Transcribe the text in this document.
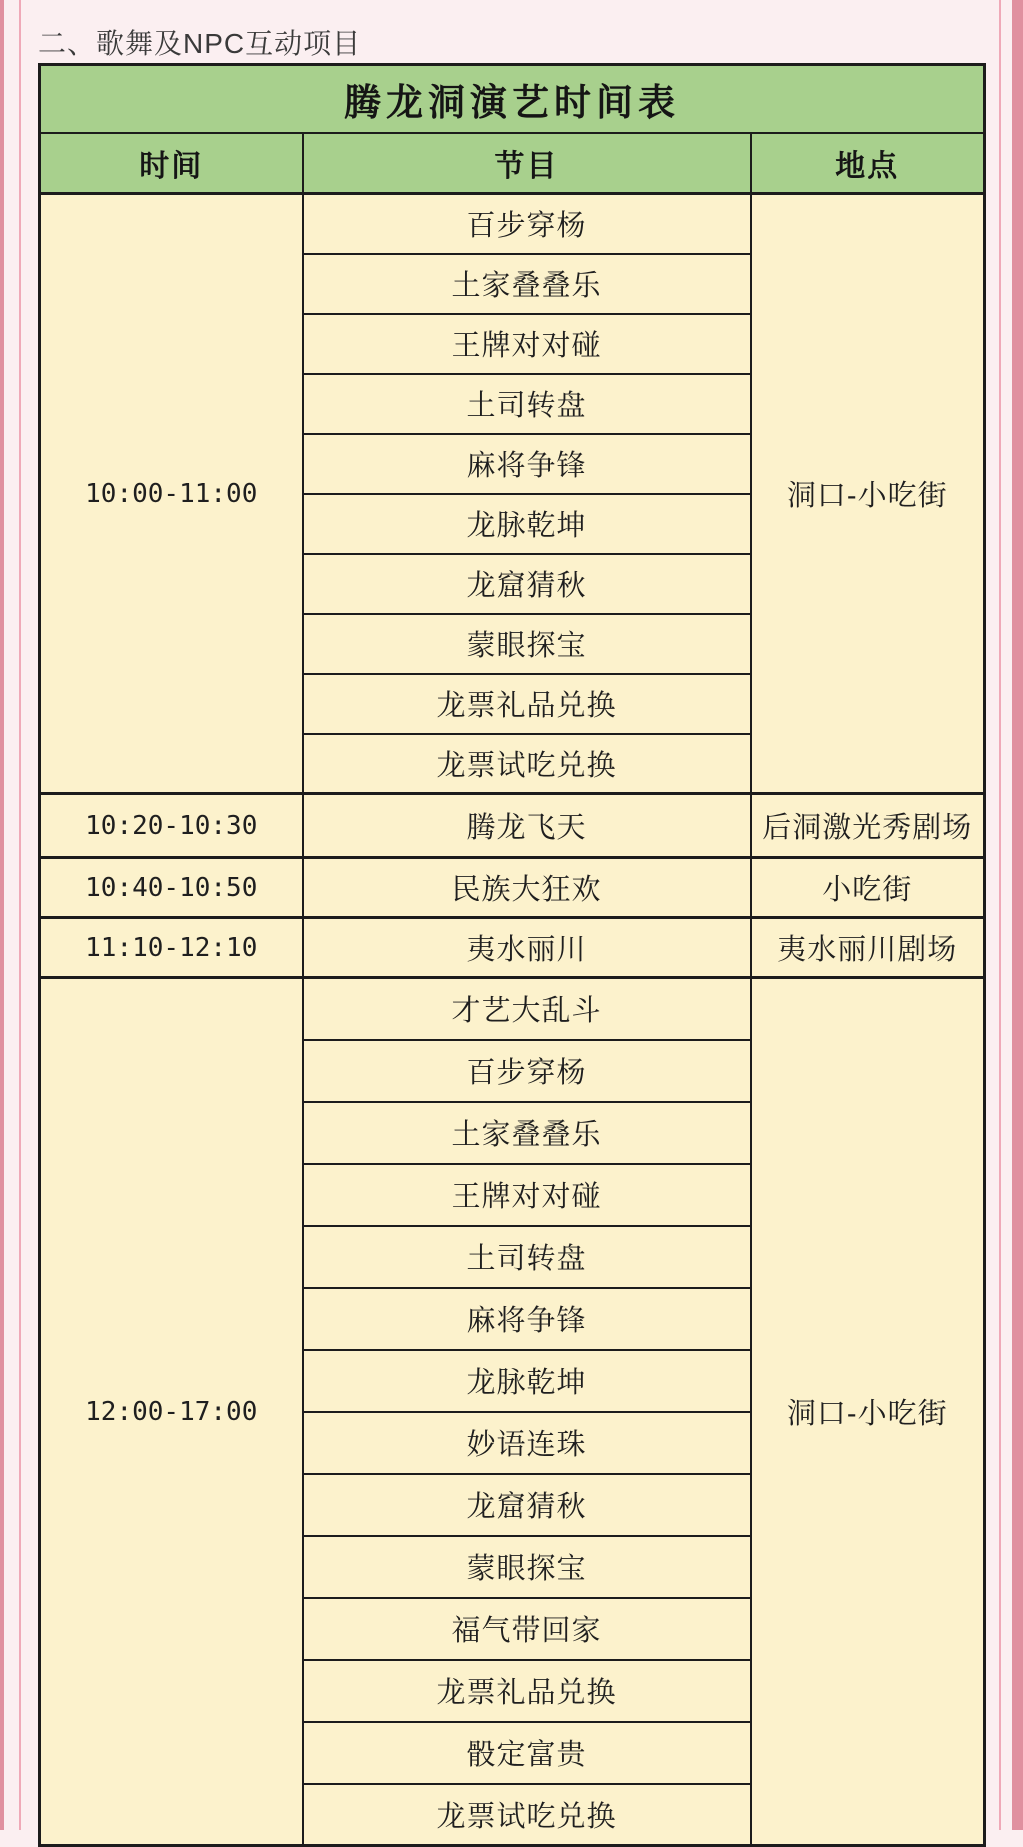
二、歌舞及NPC互动项目
腾龙洞演艺时间表		
时间	节目	地点
10:00-11:00	百步穿杨	洞口-小吃街
	土家叠叠乐	
	王牌对对碰	
	土司转盘	
	麻将争锋	
	龙脉乾坤	
	龙窟猜秋	
	蒙眼探宝	
	龙票礼品兑换	
	龙票试吃兑换	
10:20-10:30	腾龙飞天	后洞激光秀剧场
10:40-10:50	民族大狂欢	小吃街
11:10-12:10	夷水丽川	夷水丽川剧场
12:00-17:00	才艺大乱斗	洞口-小吃街
	百步穿杨	
	土家叠叠乐	
	王牌对对碰	
	土司转盘	
	麻将争锋	
	龙脉乾坤	
	妙语连珠	
	龙窟猜秋	
	蒙眼探宝	
	福气带回家	
	龙票礼品兑换	
	骰定富贵	
	龙票试吃兑换	
